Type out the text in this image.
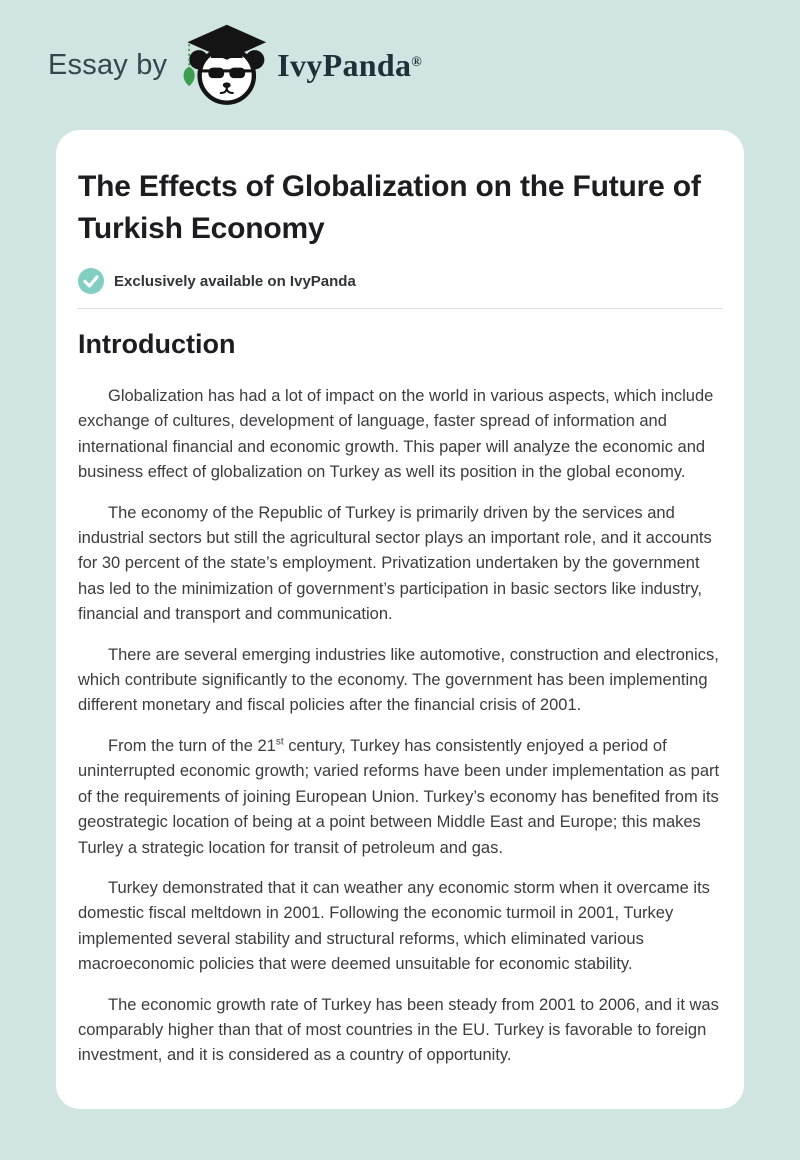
Essay by	IvyPanda®
The Effects of Globalization on the Future of Turkish Economy
Exclusively available on IvyPanda
Introduction

Globalization has had a lot of impact on the world in various aspects, which include exchange of cultures, development of language, faster spread of information and international financial and economic growth. This paper will analyze the economic and business effect of globalization on Turkey as well its position in the global economy.

The economy of the Republic of Turkey is primarily driven by the services and industrial sectors but still the agricultural sector plays an important role, and it accounts for 30 percent of the state’s employment. Privatization undertaken by the government has led to the minimization of government’s participation in basic sectors like industry, financial and transport and communication.

There are several emerging industries like automotive, construction and electronics, which contribute significantly to the economy. The government has been implementing different monetary and fiscal policies after the financial crisis of 2001.

From the turn of the 21st century, Turkey has consistently enjoyed a period of uninterrupted economic growth; varied reforms have been under implementation as part of the requirements of joining European Union. Turkey’s economy has benefited from its geostrategic location of being at a point between Middle East and Europe; this makes Turley a strategic location for transit of petroleum and gas.

Turkey demonstrated that it can weather any economic storm when it overcame its domestic fiscal meltdown in 2001. Following the economic turmoil in 2001, Turkey implemented several stability and structural reforms, which eliminated various macroeconomic policies that were deemed unsuitable for economic stability.

The economic growth rate of Turkey has been steady from 2001 to 2006, and it was comparably higher than that of most countries in the EU. Turkey is favorable to foreign investment, and it is considered as a country of opportunity.
